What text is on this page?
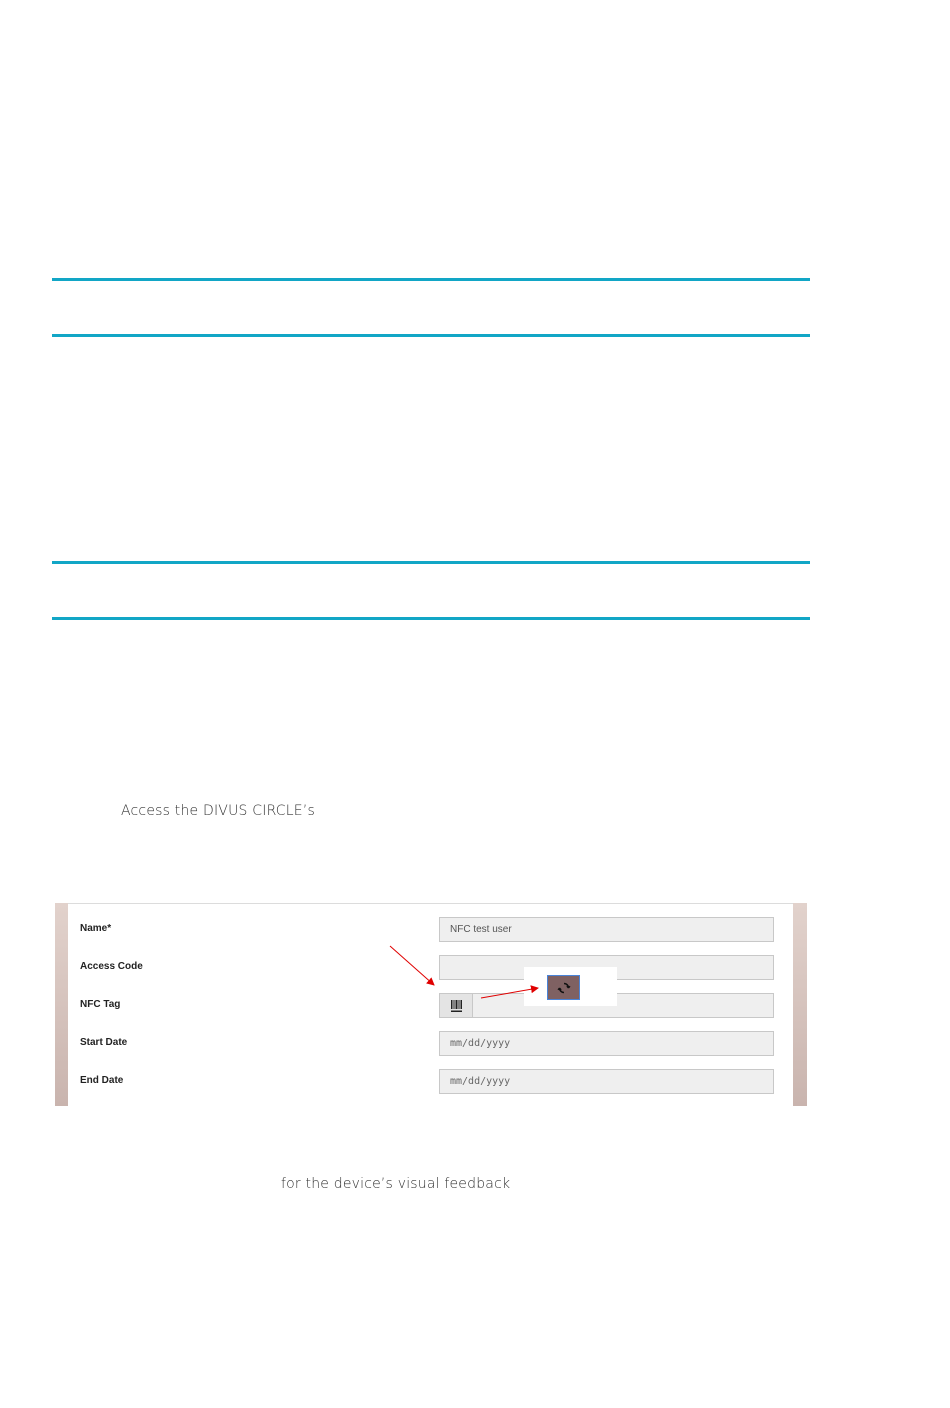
Access the DIVUS CIRCLE’s
Name*	NFC test user
Access Code
NFC Tag
Start Date	mm/dd/yyyy
End Date	mm/dd/yyyy
for the device’s visual feedback
